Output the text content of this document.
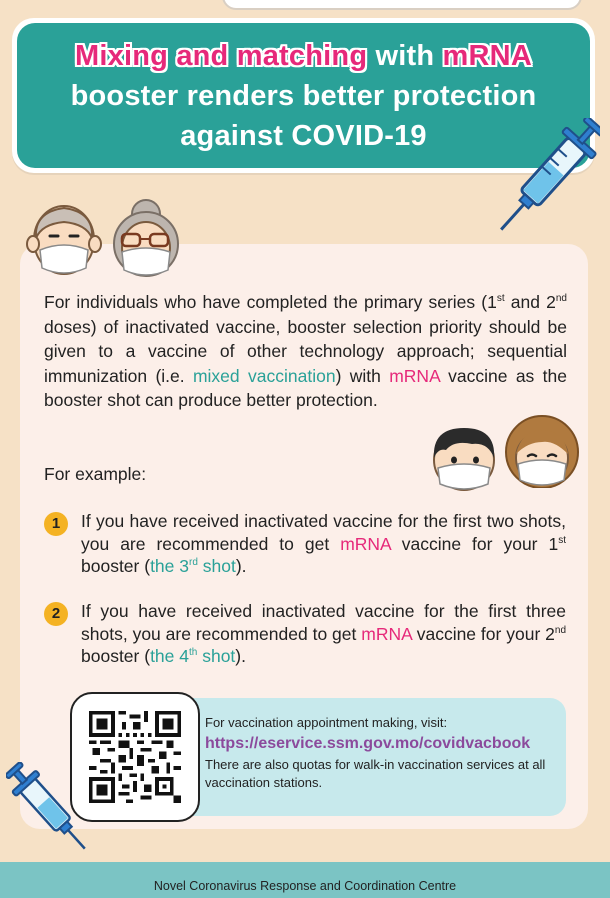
Mixing and matching with mRNA
booster renders better protection
against COVID-19
For individuals who have completed the primary series (1st and 2nd doses) of inactivated vaccine, booster selection priority should be given to a vaccine of other technology approach; sequential immunization (i.e. mixed vaccination) with mRNA vaccine as the booster shot can produce better protection.
For example:
1	If you have received inactivated vaccine for the first two shots, you are recommended to get mRNA vaccine for your 1st booster (the 3rd shot).
2	If you have received inactivated vaccine for the first three shots, you are recommended to get mRNA vaccine for your 2nd booster (the 4th shot).
For vaccination appointment making, visit:
https://eservice.ssm.gov.mo/covidvacbook
There are also quotas for walk-in vaccination services at all vaccination stations.
Novel Coronavirus Response and Coordination Centre
